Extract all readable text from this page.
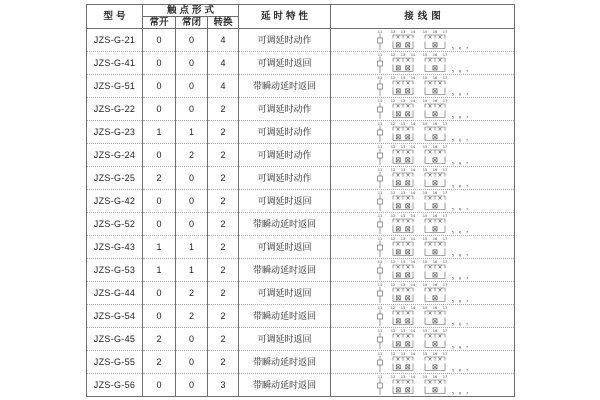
型号	触点形式			延时特性	接线图
	常开	常闭	转换		
JZS-G-21	0	0	4	可调延时动作	

JZS-G-41	0	0	4	可调延时返回	

JZS-G-51	0	0	4	带瞬动延时返回	

JZS-G-22	0	0	2	可调延时动作	

JZS-G-23	1	1	2	可调延时动作	

JZS-G-24	0	2	2	可调延时动作	

JZS-G-25	2	0	2	可调延时动作	

JZS-G-42	0	0	2	可调延时返回	

JZS-G-52	0	0	2	带瞬动延时返回	

JZS-G-43	1	1	2	可调延时返回	

JZS-G-53	1	1	2	带瞬动延时返回	

JZS-G-44	0	2	2	可调延时返回	

JZS-G-54	0	2	2	带瞬动延时返回	

JZS-G-45	2	0	2	可调延时返回	

JZS-G-55	2	0	2	带瞬动延时返回	

JZS-G-56	0	0	3	带瞬动延时返回	
